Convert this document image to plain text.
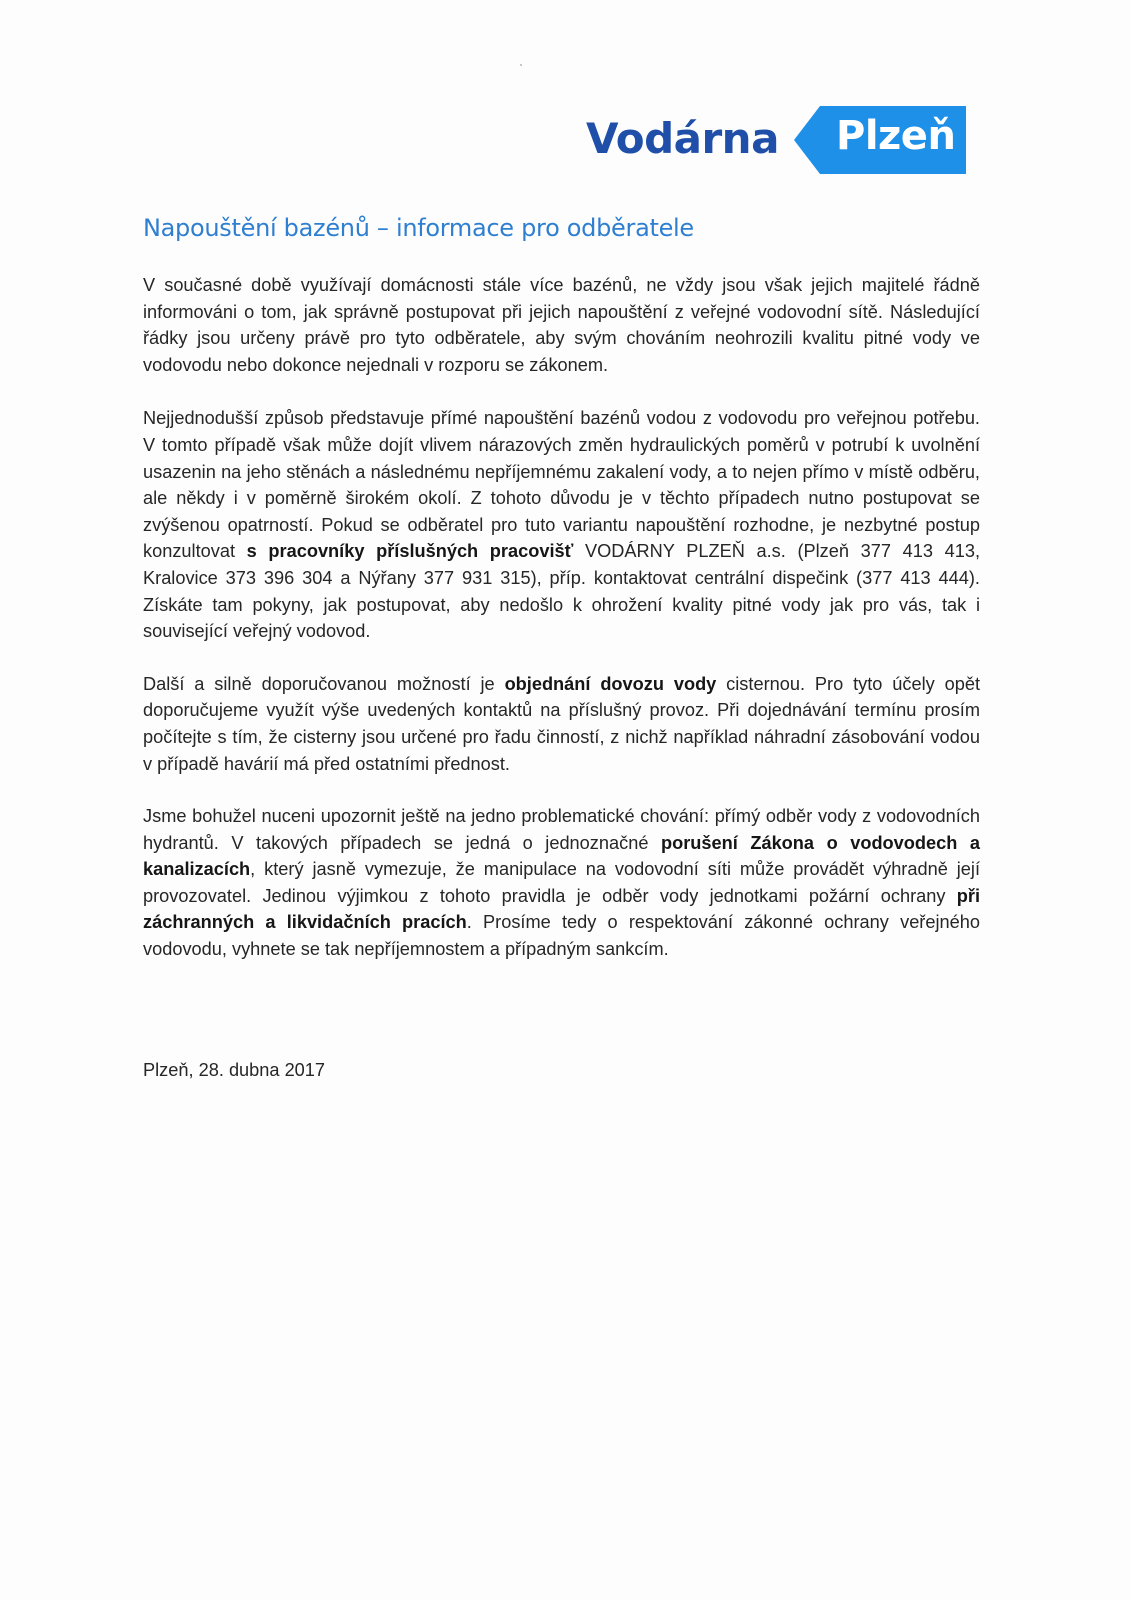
Vodárna Plzeň
Napouštění bazénů – informace pro odběratele

V současné době využívají domácnosti stále více bazénů, ne vždy jsou však jejich majitelé řádně informováni o tom, jak správně postupovat při jejich napouštění z veřejné vodovodní sítě. Následující řádky jsou určeny právě pro tyto odběratele, aby svým chováním neohrozili kvalitu pitné vody ve vodovodu nebo dokonce nejednali v rozporu se zákonem.

Nejjednodušší způsob představuje přímé napouštění bazénů vodou z vodovodu pro veřejnou potřebu. V tomto případě však může dojít vlivem nárazových změn hydraulických poměrů v potrubí k uvolnění usazenin na jeho stěnách a následnému nepříjemnému zakalení vody, a to nejen přímo v místě odběru, ale někdy i v poměrně širokém okolí. Z tohoto důvodu je v těchto případech nutno postupovat se zvýšenou opatrností. Pokud se odběratel pro tuto variantu napouštění rozhodne, je nezbytné postup konzultovat s pracovníky příslušných pracovišť VODÁRNY PLZEŇ a.s. (Plzeň 377 413 413, Kralovice 373 396 304 a Nýřany 377 931 315), příp. kontaktovat centrální dispečink (377 413 444). Získáte tam pokyny, jak postupovat, aby nedošlo k ohrožení kvality pitné vody jak pro vás, tak i související veřejný vodovod.

Další a silně doporučovanou možností je objednání dovozu vody cisternou. Pro tyto účely opět doporučujeme využít výše uvedených kontaktů na příslušný provoz. Při dojednávání termínu prosím počítejte s tím, že cisterny jsou určené pro řadu činností, z nichž například náhradní zásobování vodou v případě havárií má před ostatními přednost.

Jsme bohužel nuceni upozornit ještě na jedno problematické chování: přímý odběr vody z vodovodních hydrantů. V takových případech se jedná o jednoznačné porušení Zákona o vodovodech a kanalizacích, který jasně vymezuje, že manipulace na vodovodní síti může provádět výhradně její provozovatel. Jedinou výjimkou z tohoto pravidla je odběr vody jednotkami požární ochrany při záchranných a likvidačních pracích. Prosíme tedy o respektování zákonné ochrany veřejného vodovodu, vyhnete se tak nepříjemnostem a případným sankcím.

Plzeň, 28. dubna 2017
